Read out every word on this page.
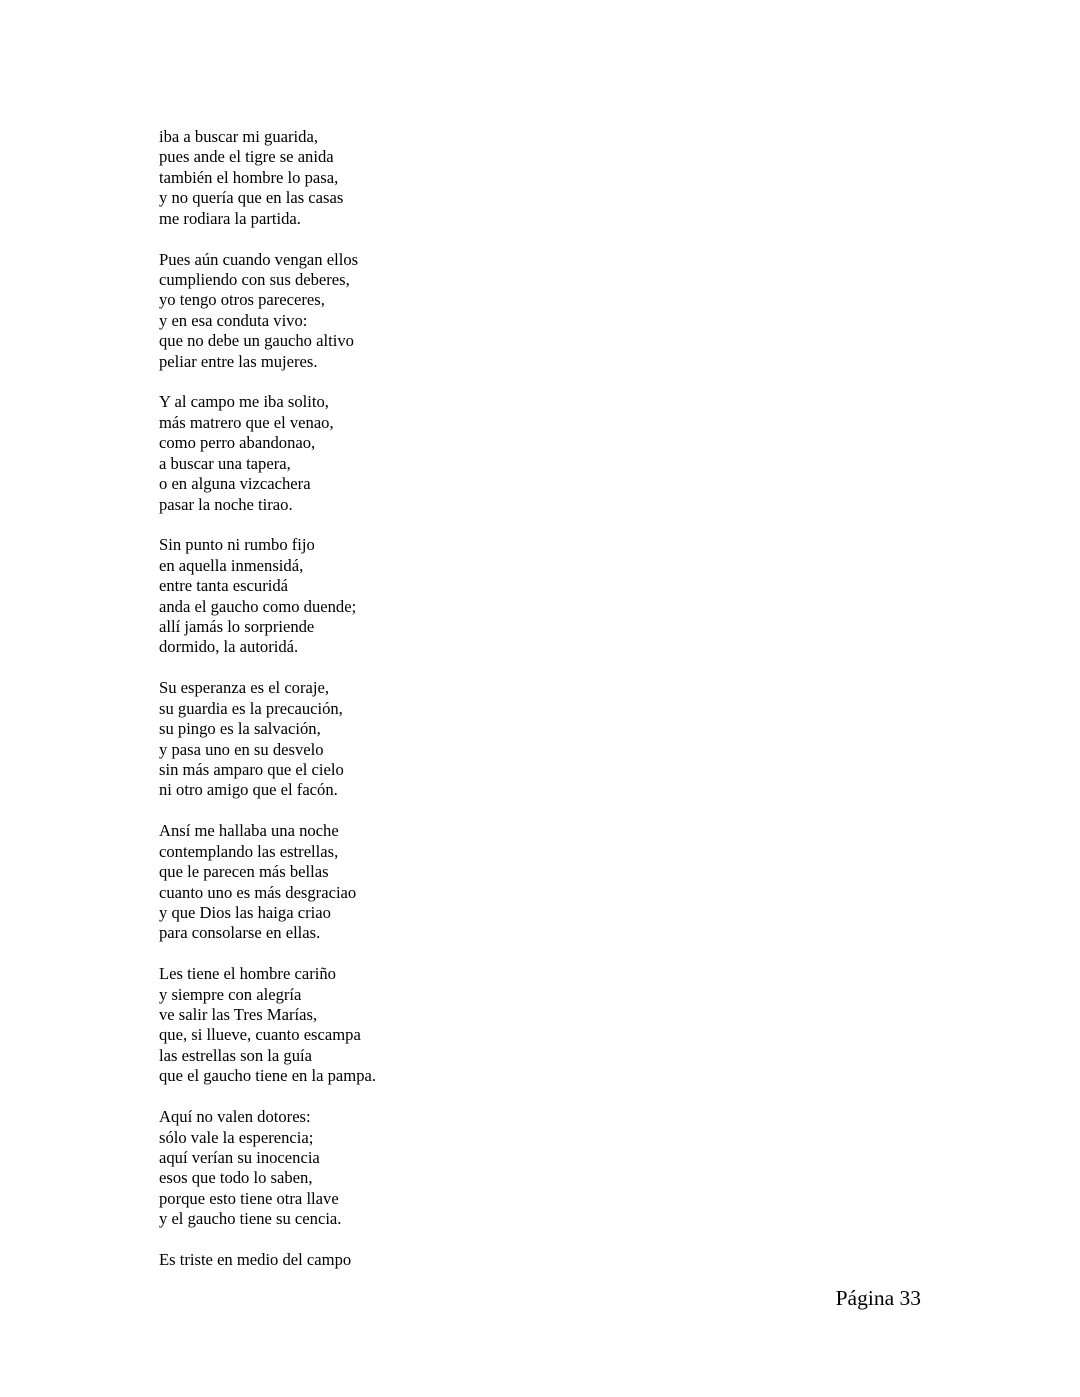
iba a buscar mi guarida,
pues ande el tigre se anida
también el hombre lo pasa,
y no quería que en las casas
me rodiara la partida.
Pues aún cuando vengan ellos
cumpliendo con sus deberes,
yo tengo otros pareceres,
y en esa conduta vivo:
que no debe un gaucho altivo
peliar entre las mujeres.
Y al campo me iba solito,
más matrero que el venao,
como perro abandonao,
a buscar una tapera,
o en alguna vizcachera
pasar la noche tirao.
Sin punto ni rumbo fijo
en aquella inmensidá,
entre tanta escuridá
anda el gaucho como duende;
allí jamás lo sorpriende
dormido, la autoridá.
Su esperanza es el coraje,
su guardia es la precaución,
su pingo es la salvación,
y pasa uno en su desvelo
sin más amparo que el cielo
ni otro amigo que el facón.
Ansí me hallaba una noche
contemplando las estrellas,
que le parecen más bellas
cuanto uno es más desgraciao
y que Dios las haiga criao
para consolarse en ellas.
Les tiene el hombre cariño
y siempre con alegría
ve salir las Tres Marías,
que, si llueve, cuanto escampa
las estrellas son la guía
que el gaucho tiene en la pampa.
Aquí no valen dotores:
sólo vale la esperencia;
aquí verían su inocencia
esos que todo lo saben,
porque esto tiene otra llave
y el gaucho tiene su cencia.
Es triste en medio del campo
Página 33
